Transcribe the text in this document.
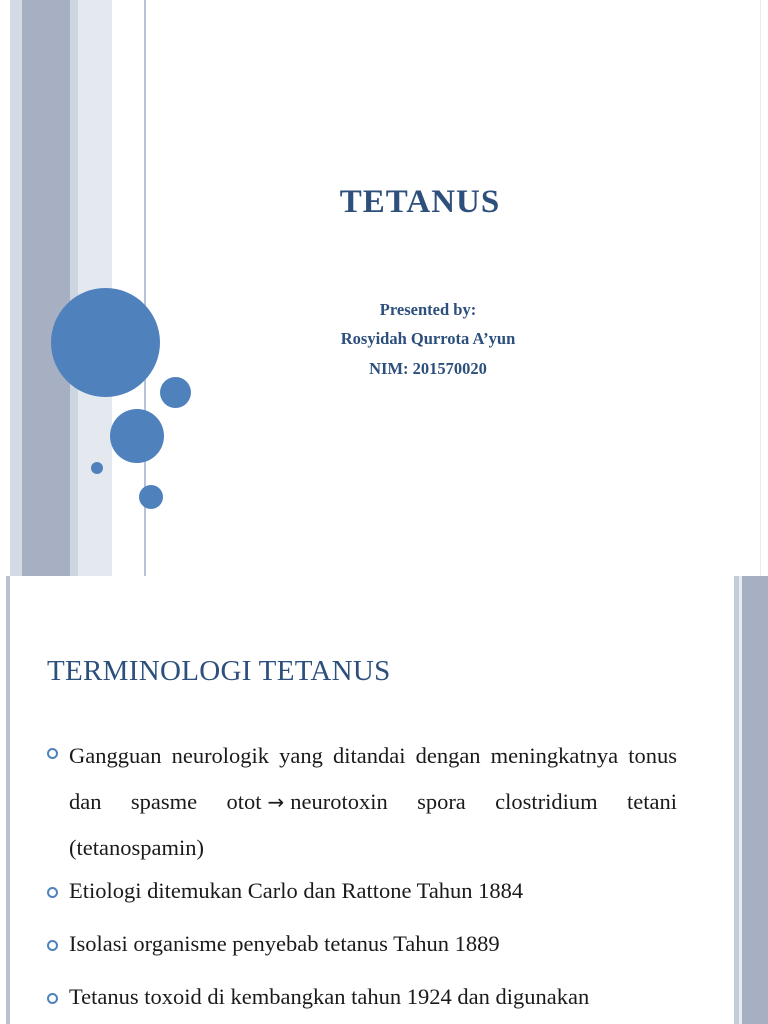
TETANUS

Presented by:

Rosyidah Qurrota A’yun

NIM: 201570020

TERMINOLOGI TETANUS
Gangguan neurologik yang ditandai dengan meningkatnya tonus dan spasme otot → neurotoxin spora clostridium tetani (tetanospamin)
Etiologi ditemukan Carlo dan Rattone Tahun 1884
Isolasi organisme penyebab tetanus Tahun 1889
Tetanus toxoid di kembangkan tahun 1924 dan digunakan
